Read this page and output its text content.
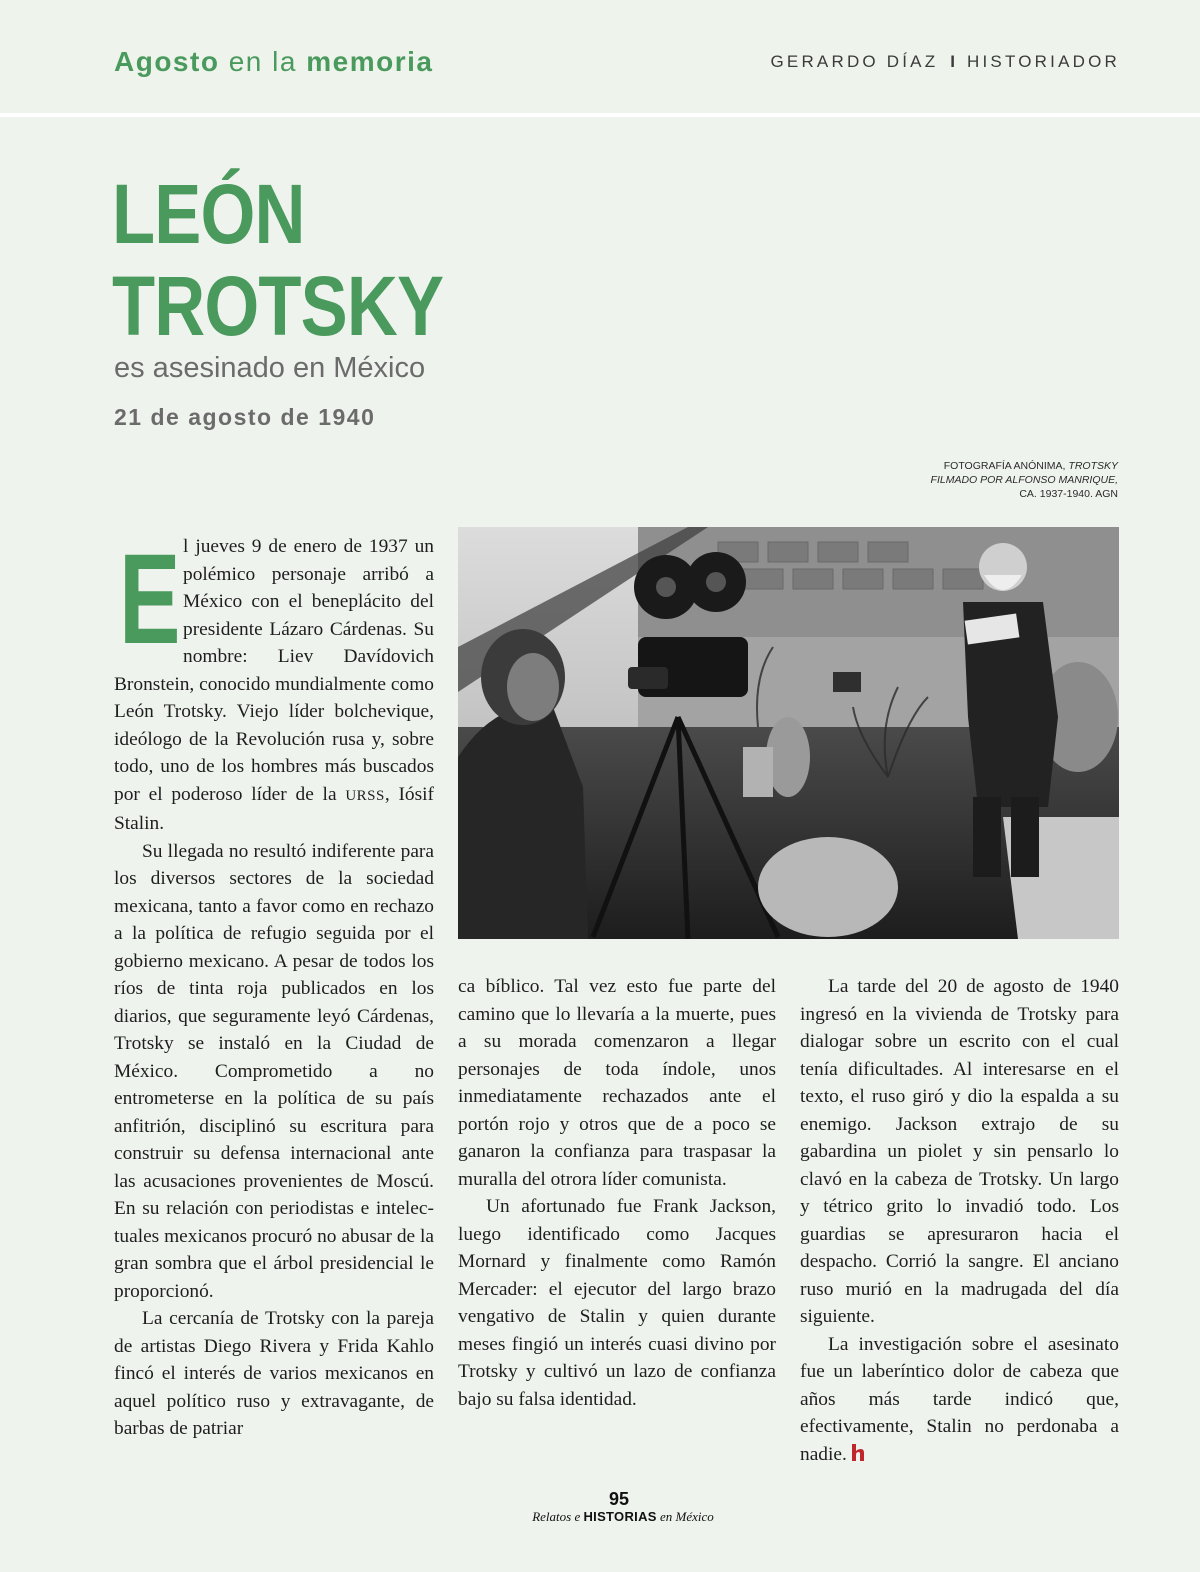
Agosto en la memoria	GERARDO DÍAZ I HISTORIADOR
LEÓN
TROTSKY
es asesinado en México
21 de agosto de 1940
FOTOGRAFÍA ANÓNIMA, TROTSKY
FILMADO POR ALFONSO MANRIQUE,
CA. 1937-1940. AGN
E l jueves 9 de enero de 1937 un polémico personaje arribó a México con el beneplácito del presidente Lázaro Cárdenas. Su nombre: Liev Davídovich Bronstein, conocido mundialmente como León Trotsky. Viejo líder bolchevique, ideólogo de la Revolución rusa y, sobre todo, uno de los hombres más buscados por el poderoso líder de la URSS, Iósif Stalin.

Su llegada no resultó indiferente para los diversos sectores de la sociedad mexicana, tanto a favor como en rechazo a la política de refugio seguida por el gobierno mexicano. A pesar de todos los ríos de tinta roja publicados en los diarios, que seguramente leyó Cárdenas, Trotsky se instaló en la Ciudad de México. Comprometido a no entrometerse en la política de su país anfitrión, disciplinó su escritura para construir su defensa internacional ante las acusaciones provenientes de Moscú. En su relación con periodistas e intelectuales mexicanos procuró no abusar de la gran sombra que el árbol presidencial le proporcionó.

La cercanía de Trotsky con la pareja de artistas Diego Rivera y Frida Kahlo fincó el interés de varios mexicanos en aquel político ruso y extravagante, de barbas de patriar

ca bíblico. Tal vez esto fue parte del camino que lo llevaría a la muerte, pues a su morada comenzaron a llegar personajes de toda índole, unos inmediatamente rechazados ante el portón rojo y otros que de a poco se ganaron la confianza para traspasar la muralla del otrora líder comunista.

Un afortunado fue Frank Jackson, luego identificado como Jacques Mornard y finalmente como Ramón Mercader: el ejecutor del largo brazo vengativo de Stalin y quien durante meses fingió un interés cuasi divino por Trotsky y cultivó un lazo de confianza bajo su falsa identidad.

La tarde del 20 de agosto de 1940 ingresó en la vivienda de Trotsky para dialogar sobre un escrito con el cual tenía dificultades. Al interesarse en el texto, el ruso giró y dio la espalda a su enemigo. Jackson extrajo de su gabardina un piolet y sin pensarlo lo clavó en la cabeza de Trotsky. Un largo y tétrico grito lo invadió todo. Los guardias se apresuraron hacia el despacho. Corrió la sangre. El anciano ruso murió en la madrugada del día siguiente.

La investigación sobre el asesinato fue un laberíntico dolor de cabeza que años más tarde indicó que, efectivamente, Stalin no perdonaba a nadie.

95
Relatos e HISTORIAS en México
